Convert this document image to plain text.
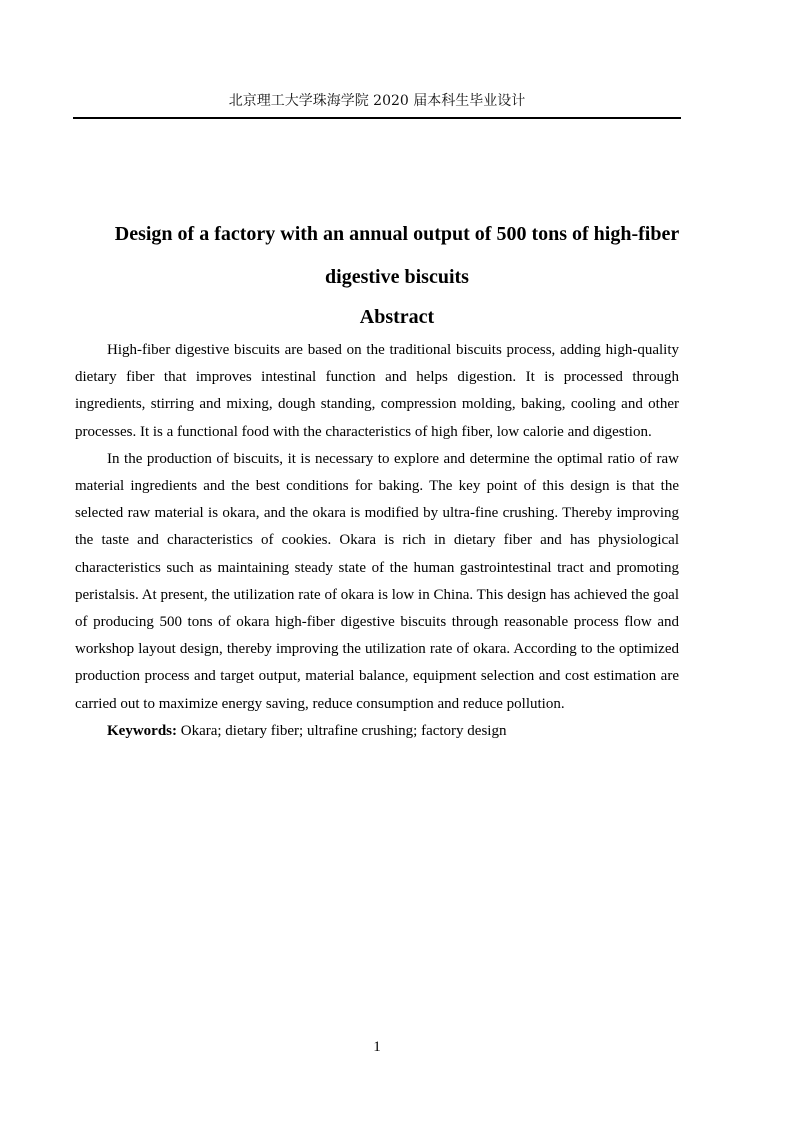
北京理工大学珠海学院 2020 届本科生毕业设计
Design of a factory with an annual output of 500 tons of high-fiber
digestive biscuits
Abstract

High-fiber digestive biscuits are based on the traditional biscuits process, adding high-quality dietary fiber that improves intestinal function and helps digestion. It is processed through ingredients, stirring and mixing, dough standing, compression molding, baking, cooling and other processes. It is a functional food with the characteristics of high fiber, low calorie and digestion.

In the production of biscuits, it is necessary to explore and determine the optimal ratio of raw material ingredients and the best conditions for baking. The key point of this design is that the selected raw material is okara, and the okara is modified by ultra-fine crushing. Thereby improving the taste and characteristics of cookies. Okara is rich in dietary fiber and has physiological characteristics such as maintaining steady state of the human gastrointestinal tract and promoting peristalsis. At present, the utilization rate of okara is low in China. This design has achieved the goal of producing 500 tons of okara high-fiber digestive biscuits through reasonable process flow and workshop layout design, thereby improving the utilization rate of okara. According to the optimized production process and target output, material balance, equipment selection and cost estimation are carried out to maximize energy saving, reduce consumption and reduce pollution.

Keywords: Okara; dietary fiber; ultrafine crushing; factory design

1
